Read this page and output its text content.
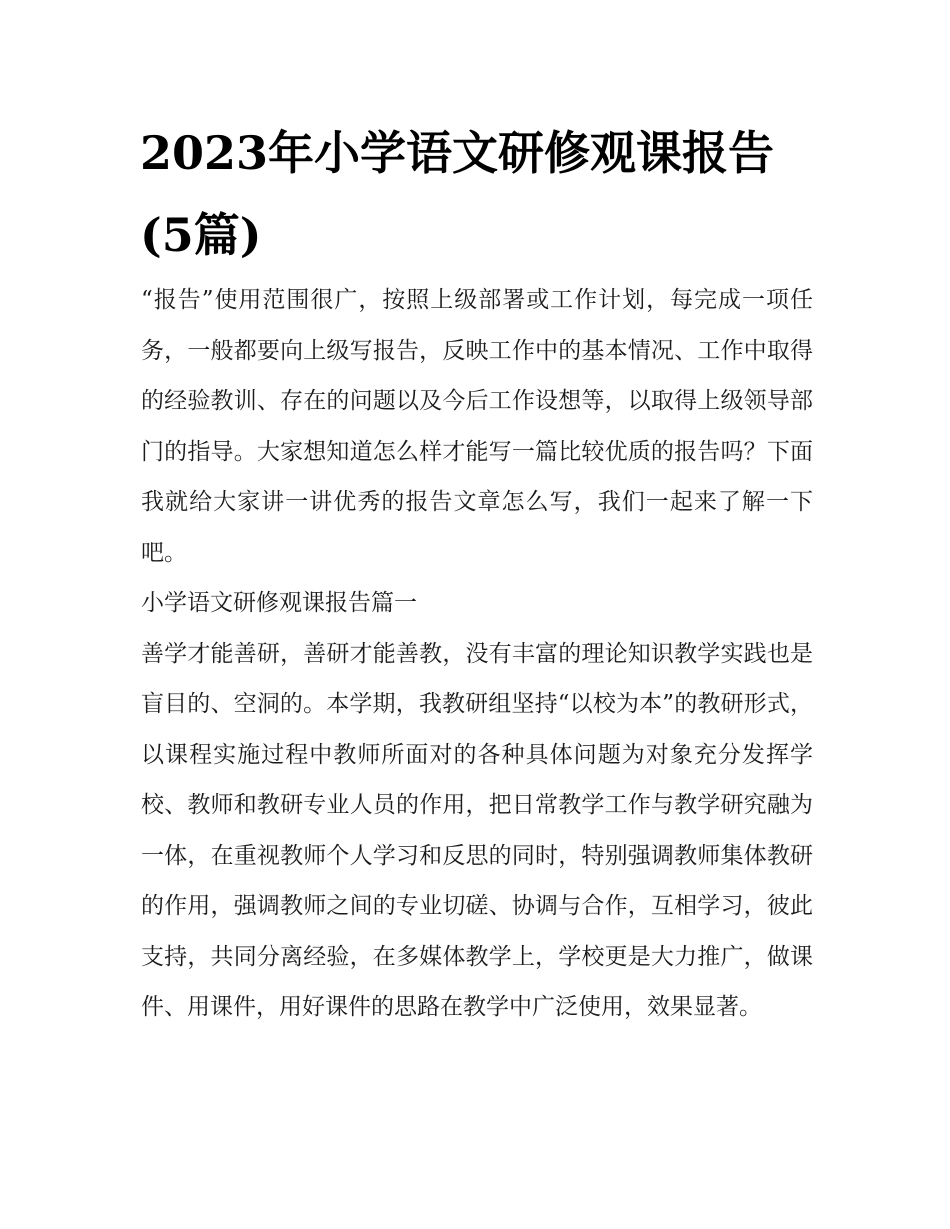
2023年小学语文研修观课报告(5篇)

“报告”使用范围很广，按照上级部署或工作计划，每完成一项任务，一般都要向上级写报告，反映工作中的基本情况、工作中取得的经验教训、存在的问题以及今后工作设想等，以取得上级领导部门的指导。大家想知道怎么样才能写一篇比较优质的报告吗？下面我就给大家讲一讲优秀的报告文章怎么写，我们一起来了解一下吧。

小学语文研修观课报告篇一

善学才能善研，善研才能善教，没有丰富的理论知识教学实践也是盲目的、空洞的。本学期，我教研组坚持“以校为本”的教研形式，以课程实施过程中教师所面对的各种具体问题为对象充分发挥学校、教师和教研专业人员的作用，把日常教学工作与教学研究融为一体，在重视教师个人学习和反思的同时，特别强调教师集体教研的作用，强调教师之间的专业切磋、协调与合作，互相学习，彼此支持，共同分离经验，在多媒体教学上，学校更是大力推广，做课件、用课件，用好课件的思路在教学中广泛使用，效果显著。
